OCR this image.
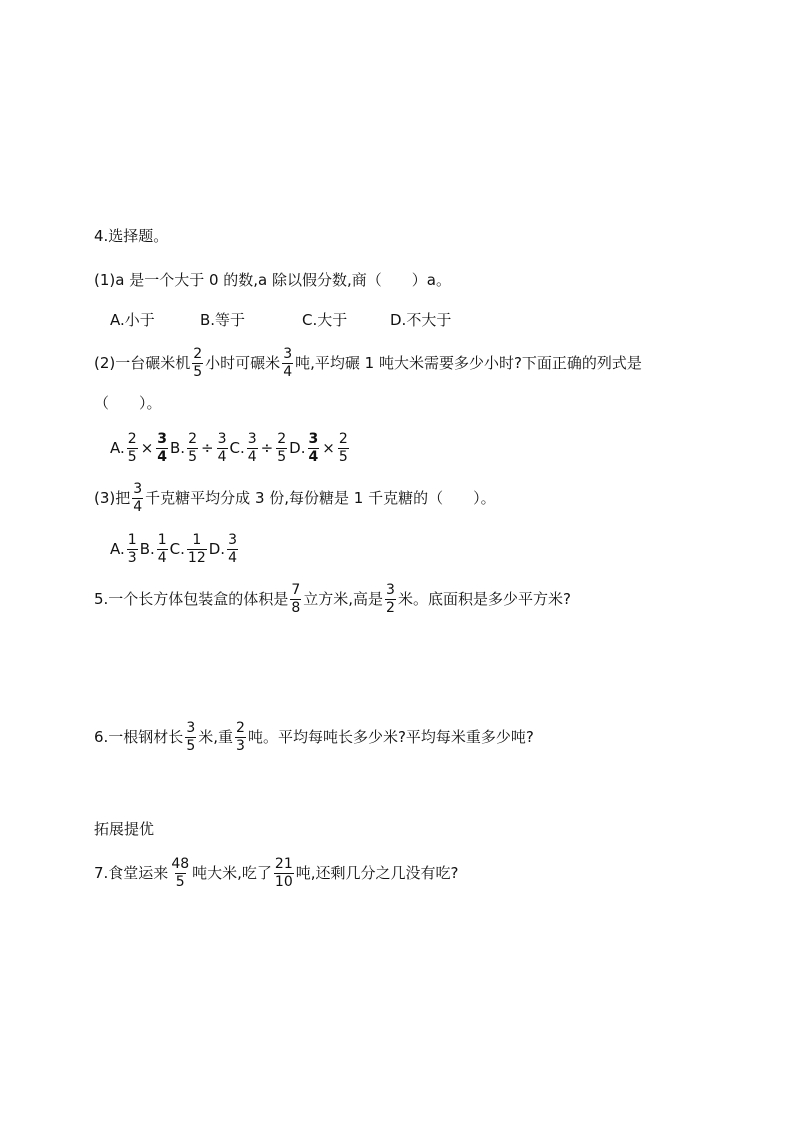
4.选择题。
(1)a 是一个大于 0 的数,a 除以假分数,商（　　）a。
A.小于	B.等于	C.大于	D.不大于
(2)一台碾米机 $\frac{2}{5}$ 小时可碾米 $\frac{3}{4}$ 吨,平均碾 1 吨大米需要多少小时?下面正确的列式是
（　　）。
A. $\frac{2}{5} \times \frac{3}{4} B$. $\frac{2}{5} \div \frac{3}{4} C$. $\frac{3}{4} \div \frac{2}{5} D$. $\frac{3}{4} \times \frac{2}{5}$
(3)把 $\frac{3}{4}$ 千克糖平均分成 3 份,每份糖是 1 千克糖的（　　）。
A. $\frac{1}{3} B$. $\frac{1}{4} C$. $\frac{1}{12} D$. $\frac{3}{4}$
5.一个长方体包装盒的体积是 $\frac{7}{8}$ 立方米,高是 $\frac{3}{2}$ 米。底面积是多少平方米?
6.一根钢材长 $\frac{3}{5}$ 米,重 $\frac{2}{3}$ 吨。平均每吨长多少米?平均每米重多少吨?
拓展提优
7.食堂运来 $\frac{48}{5}$ 吨大米,吃了 $\frac{21}{10}$ 吨,还剩几分之几没有吃?
